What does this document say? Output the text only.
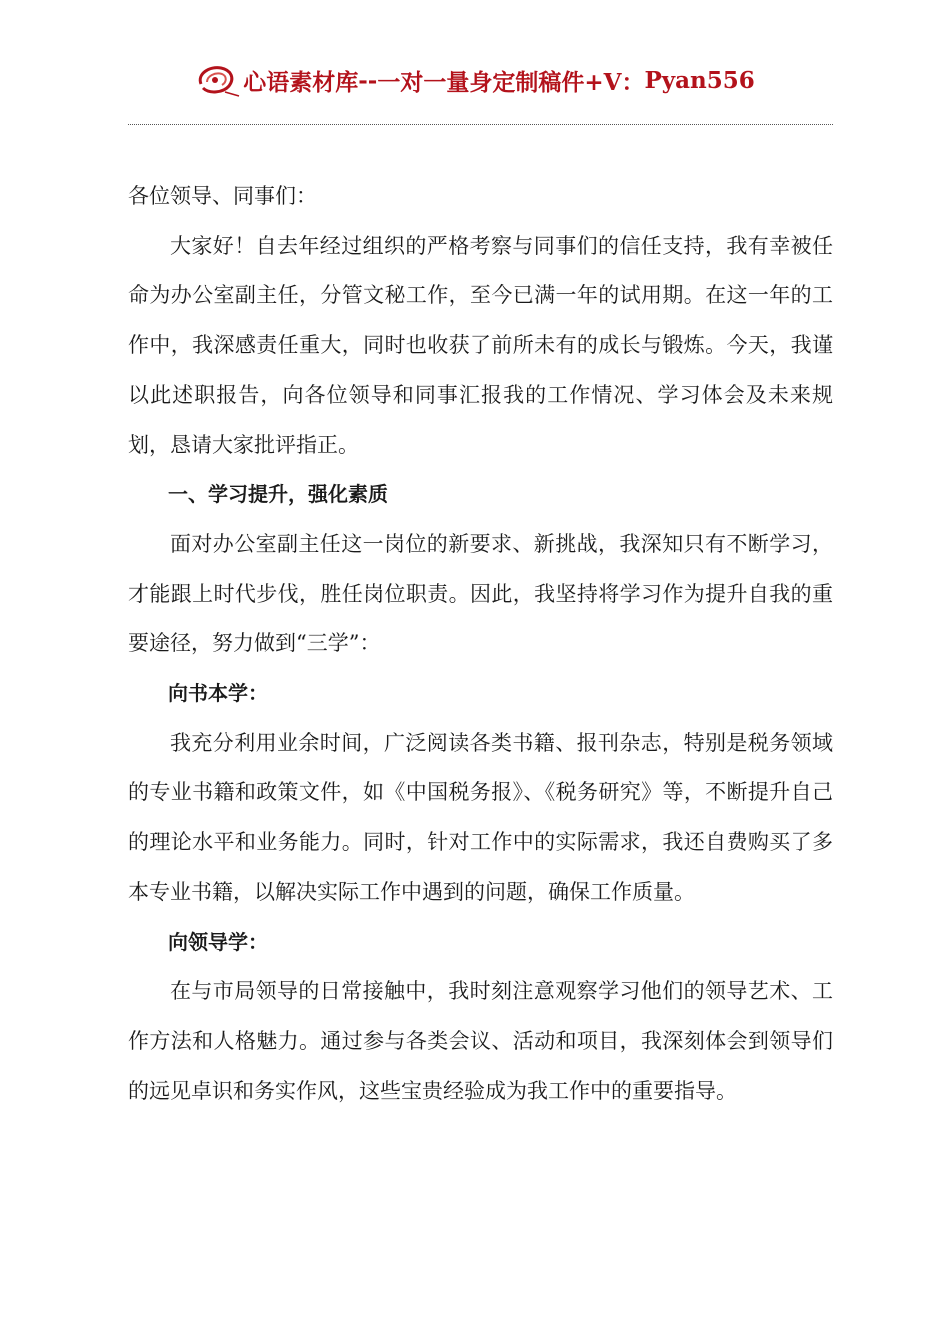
心语素材库 -- 一对一量身定制稿件+V： Pyan556

各位领导、同事们：

大家好！自去年经过组织的严格考察与同事们的信任支持，我有幸被任命为办公室副主任，分管文秘工作，至今已满一年的试用期。在这一年的工作中，我深感责任重大，同时也收获了前所未有的成长与锻炼。今天，我谨以此述职报告，向各位领导和同事汇报我的工作情况、学习体会及未来规划，恳请大家批评指正。

一、学习提升，强化素质

面对办公室副主任这一岗位的新要求、新挑战，我深知只有不断学习，才能跟上时代步伐，胜任岗位职责。因此，我坚持将学习作为提升自我的重要途径，努力做到“三学”：

向书本学：

我充分利用业余时间，广泛阅读各类书籍、报刊杂志，特别是税务领域的专业书籍和政策文件，如《中国税务报》、《税务研究》等，不断提升自己的理论水平和业务能力。同时，针对工作中的实际需求，我还自费购买了多本专业书籍，以解决实际工作中遇到的问题，确保工作质量。

向领导学：

在与市局领导的日常接触中，我时刻注意观察学习他们的领导艺术、工作方法和人格魅力。通过参与各类会议、活动和项目，我深刻体会到领导们的远见卓识和务实作风，这些宝贵经验成为我工作中的重要指导。
